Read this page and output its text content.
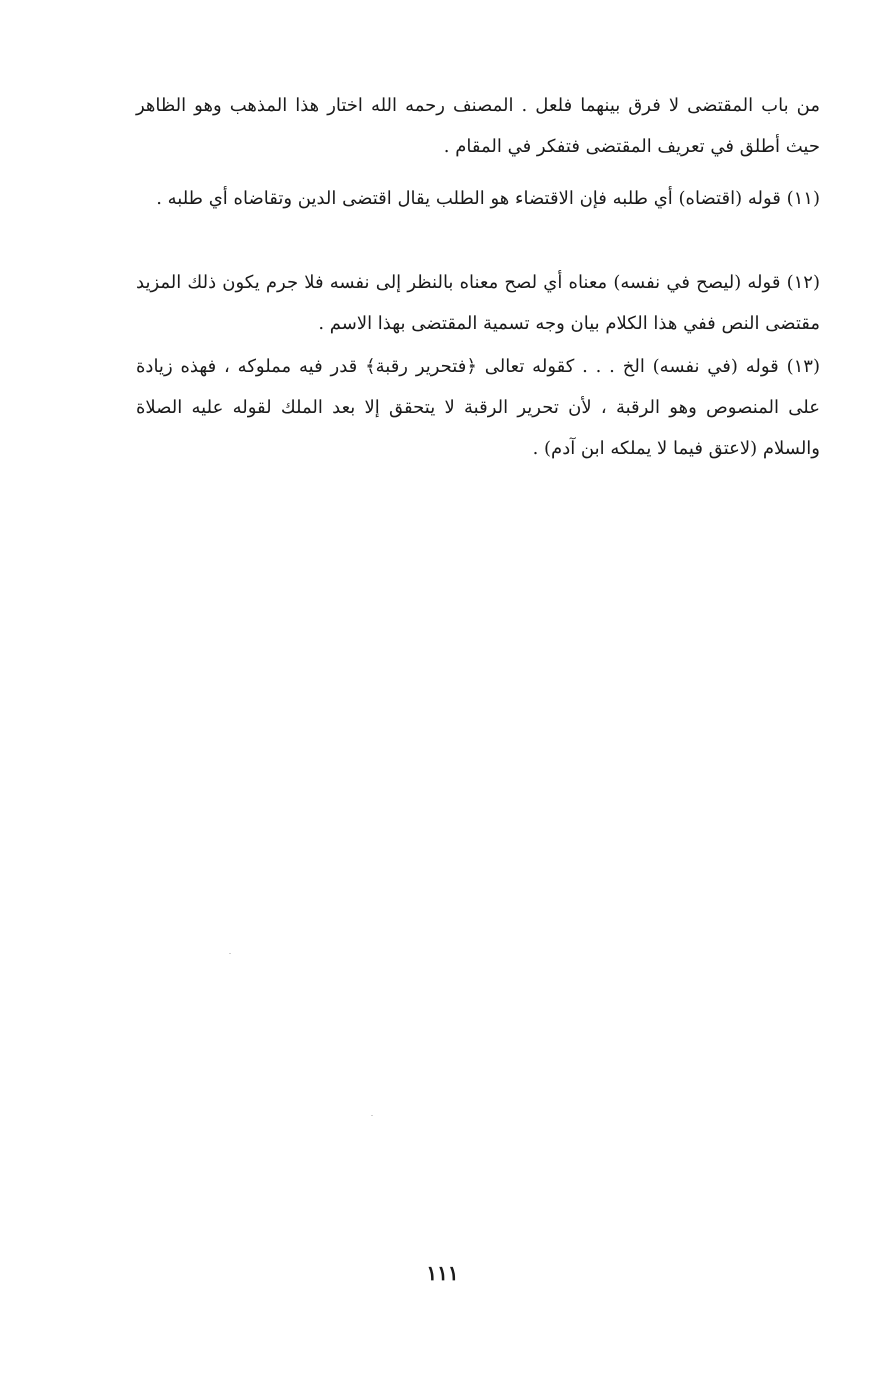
من باب المقتضى لا فرق بينهما فلعل . المصنف رحمه الله اختار هذا المذهب وهو الظاهر حيث أطلق في تعريف المقتضى فتفكر في المقام .

(١١) قوله (اقتضاه) أي طلبه فإن الاقتضاء هو الطلب يقال اقتضى الدين وتقاضاه أي طلبه .

(١٢) قوله (ليصح في نفسه) معناه أي لصح معناه بالنظر إلى نفسه فلا جرم يكون ذلك المزيد مقتضى النص ففي هذا الكلام بيان وجه تسمية المقتضى بهذا الاسم .

(١٣) قوله (في نفسه) الخ . . . كقوله تعالى ﴿فتحرير رقبة﴾ قدر فيه مملوكه ، فهذه زيادة على المنصوص وهو الرقبة ، لأن تحرير الرقبة لا يتحقق إلا بعد الملك لقوله عليه الصلاة والسلام (لاعتق فيما لا يملكه ابن آدم) .

١١١
